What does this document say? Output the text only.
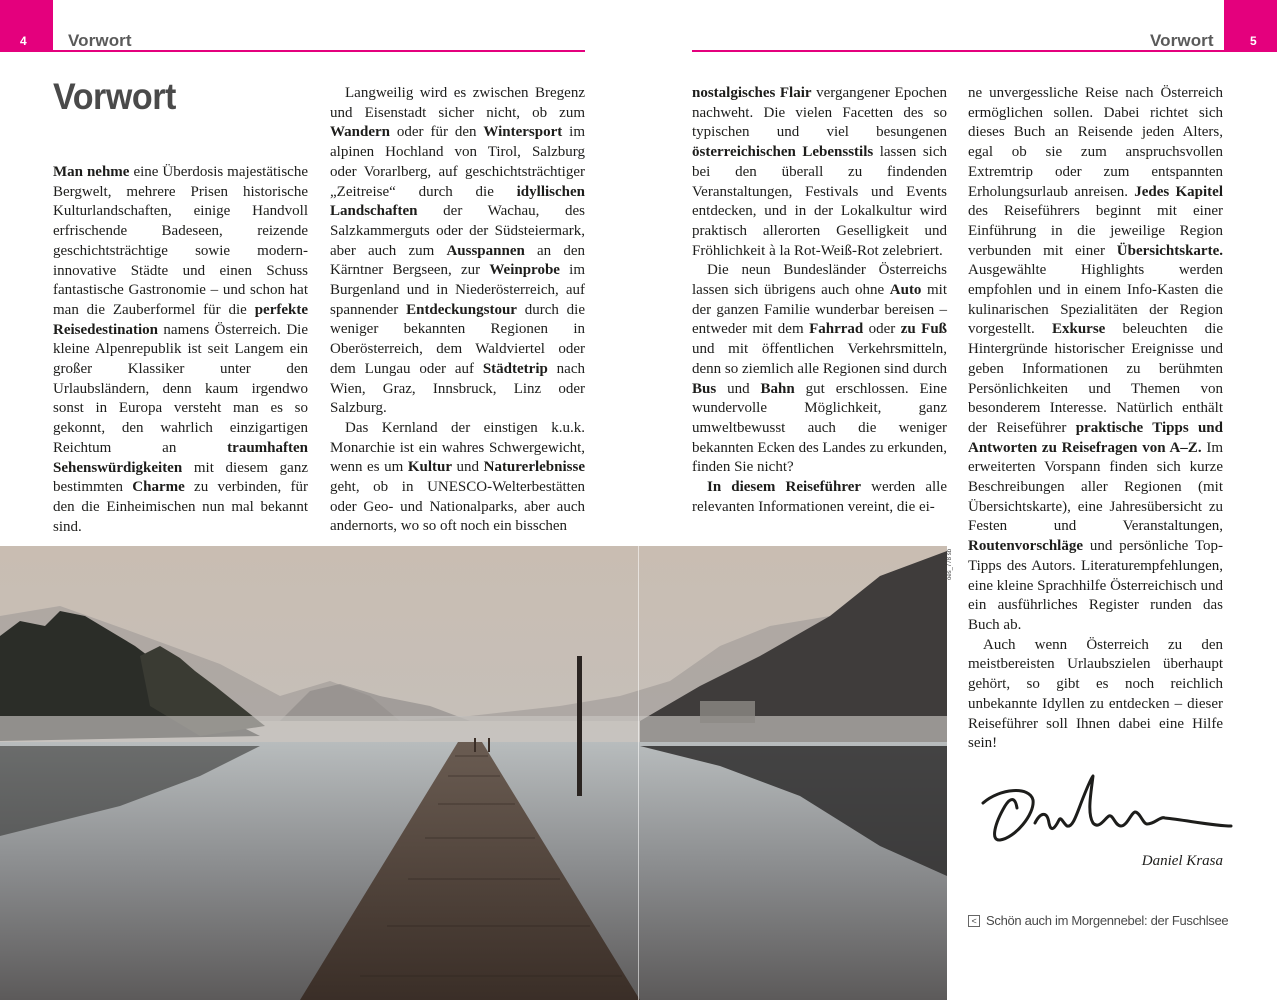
4 Vorwort	Vorwort	5
Vorwort

Man nehme eine Überdosis majestätische Bergwelt, mehrere Prisen historische Kulturlandschaften, einige Handvoll erfrischende Badeseen, reizende geschichtsträchtige sowie modern-innovative Städte und einen Schuss fantastische Gastronomie – und schon hat man die Zauberformel für die perfekte Reisedestination namens Österreich. Die kleine Alpenrepublik ist seit Langem ein großer Klassiker unter den Urlaubsländern, denn kaum irgendwo sonst in Europa versteht man es so gekonnt, den wahrlich einzigartigen Reichtum an traumhaften Sehenswürdigkeiten mit diesem ganz bestimmten Charme zu verbinden, für den die Einheimischen nun mal bekannt sind.

Langweilig wird es zwischen Bregenz und Eisenstadt sicher nicht, ob zum Wandern oder für den Wintersport im alpinen Hochland von Tirol, Salzburg oder Vorarlberg, auf geschichtsträchtiger „Zeitreise“ durch die idyllischen Landschaften der Wachau, des Salzkammerguts oder der Südsteiermark, aber auch zum Ausspannen an den Kärntner Bergseen, zur Weinprobe im Burgenland und in Niederösterreich, auf spannender Entdeckungstour durch die weniger bekannten Regionen in Oberösterreich, dem Waldviertel oder dem Lungau oder auf Städtetrip nach Wien, Graz, Innsbruck, Linz oder Salzburg.

Das Kernland der einstigen k.u.k. Monarchie ist ein wahres Schwergewicht, wenn es um Kultur und Naturerlebnisse geht, ob in UNESCO-Welterbestätten oder Geo- und Nationalparks, aber auch andernorts, wo so oft noch ein bisschen

nostalgisches Flair vergangener Epochen nachweht. Die vielen Facetten des so typischen und viel besungenen österreichischen Lebensstils lassen sich bei den überall zu findenden Veranstaltungen, Festivals und Events entdecken, und in der Lokalkultur wird praktisch allerorten Geselligkeit und Fröhlichkeit à la Rot-Weiß-Rot zelebriert.

Die neun Bundesländer Österreichs lassen sich übrigens auch ohne Auto mit der ganzen Familie wunderbar bereisen – entweder mit dem Fahrrad oder zu Fuß und mit öffentlichen Verkehrsmitteln, denn so ziemlich alle Regionen sind durch Bus und Bahn gut erschlossen. Eine wundervolle Möglichkeit, ganz umweltbewusst auch die weniger bekannten Ecken des Landes zu erkunden, finden Sie nicht?

In diesem Reiseführer werden alle relevanten Informationen vereint, die ei-

ne unvergessliche Reise nach Österreich ermöglichen sollen. Dabei richtet sich dieses Buch an Reisende jeden Alters, egal ob sie zum anspruchsvollen Extremtrip oder zum entspannten Erholungsurlaub anreisen. Jedes Kapitel des Reiseführers beginnt mit einer Einführung in die jeweilige Region verbunden mit einer Übersichtskarte. Ausgewählte Highlights werden empfohlen und in einem Info-Kasten die kulinarischen Spezialitäten der Region vorgestellt. Exkurse beleuchten die Hintergründe historischer Ereignisse und geben Informationen zu berühmten Persönlichkeiten und Themen von besonderem Interesse. Natürlich enthält der Reiseführer praktische Tipps und Antworten zu Reisefragen von A–Z. Im erweiterten Vorspann finden sich kurze Beschreibungen aller Regionen (mit Übersichtskarte), eine Jahresübersicht zu Festen und Veranstaltungen, Routenvorschläge und persönliche Top-Tipps des Autors. Literaturempfehlungen, eine kleine Sprachhilfe Österreichisch und ein ausführliches Register runden das Buch ab.

Auch wenn Österreich zu den meistbereisten Urlaubszielen überhaupt gehört, so gibt es noch reichlich unbekannte Idyllen zu entdecken – dieser Reiseführer soll Ihnen dabei eine Hilfe sein!

oes_778 sb
Daniel Krasa
< Schön auch im Morgennebel: der Fuschlsee
